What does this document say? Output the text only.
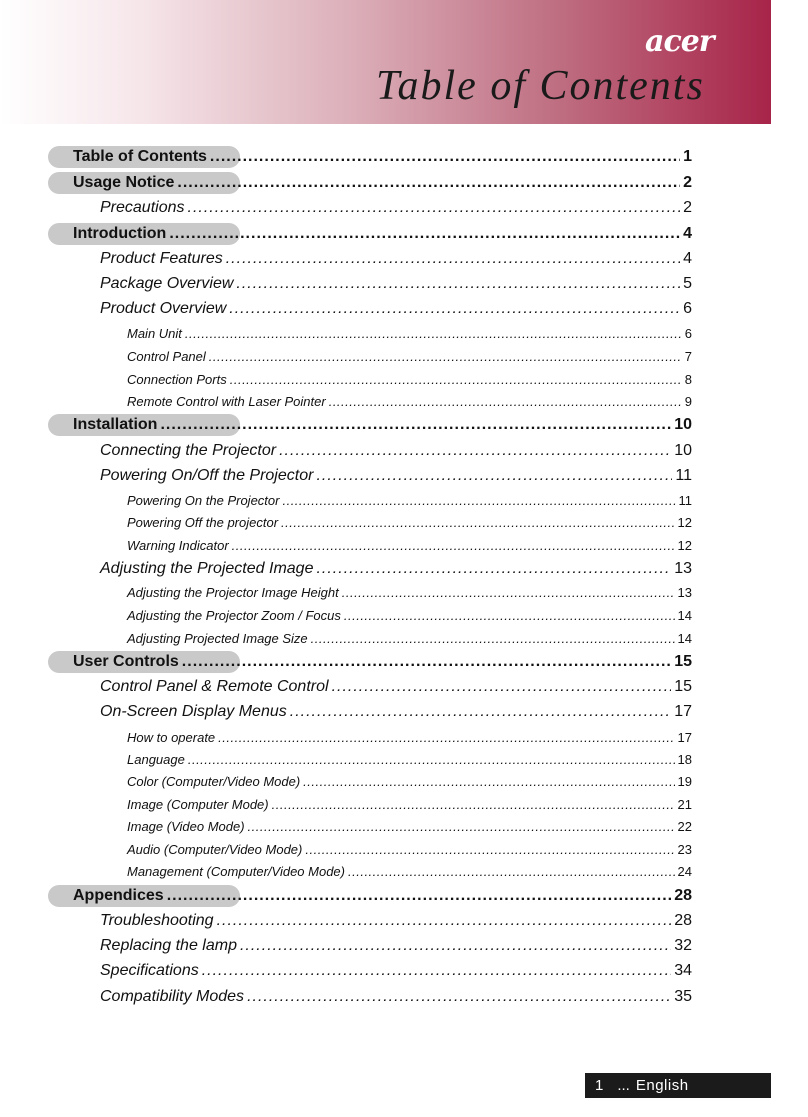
acer
Table of Contents
Table of Contents .....	1
Usage Notice .....	2
Precautions .....	2
Introduction .....	4
Product Features .....	4
Package Overview .....	5
Product Overview .....	6
Main Unit .....	6
Control Panel .....	7
Connection Ports .....	8
Remote Control with Laser Pointer .....	9
Installation .....	10
Connecting the Projector .....	10
Powering On/Off the Projector .....	11
Powering On the Projector .....	11
Powering Off the projector .....	12
Warning Indicator .....	12
Adjusting the Projected Image .....	13
Adjusting the Projector Image Height .....	13
Adjusting the Projector Zoom / Focus .....	14
Adjusting Projected Image Size .....	14
User Controls .....	15
Control Panel & Remote Control .....	15
On-Screen Display Menus .....	17
How to operate .....	17
Language .....	18
Color (Computer/Video Mode) .....	19
Image (Computer Mode) .....	21
Image (Video Mode) .....	22
Audio (Computer/Video Mode) .....	23
Management (Computer/Video Mode) .....	24
Appendices .....	28
Troubleshooting .....	28
Replacing the lamp .....	32
Specifications .....	34
Compatibility Modes .....	35
1 ... English
